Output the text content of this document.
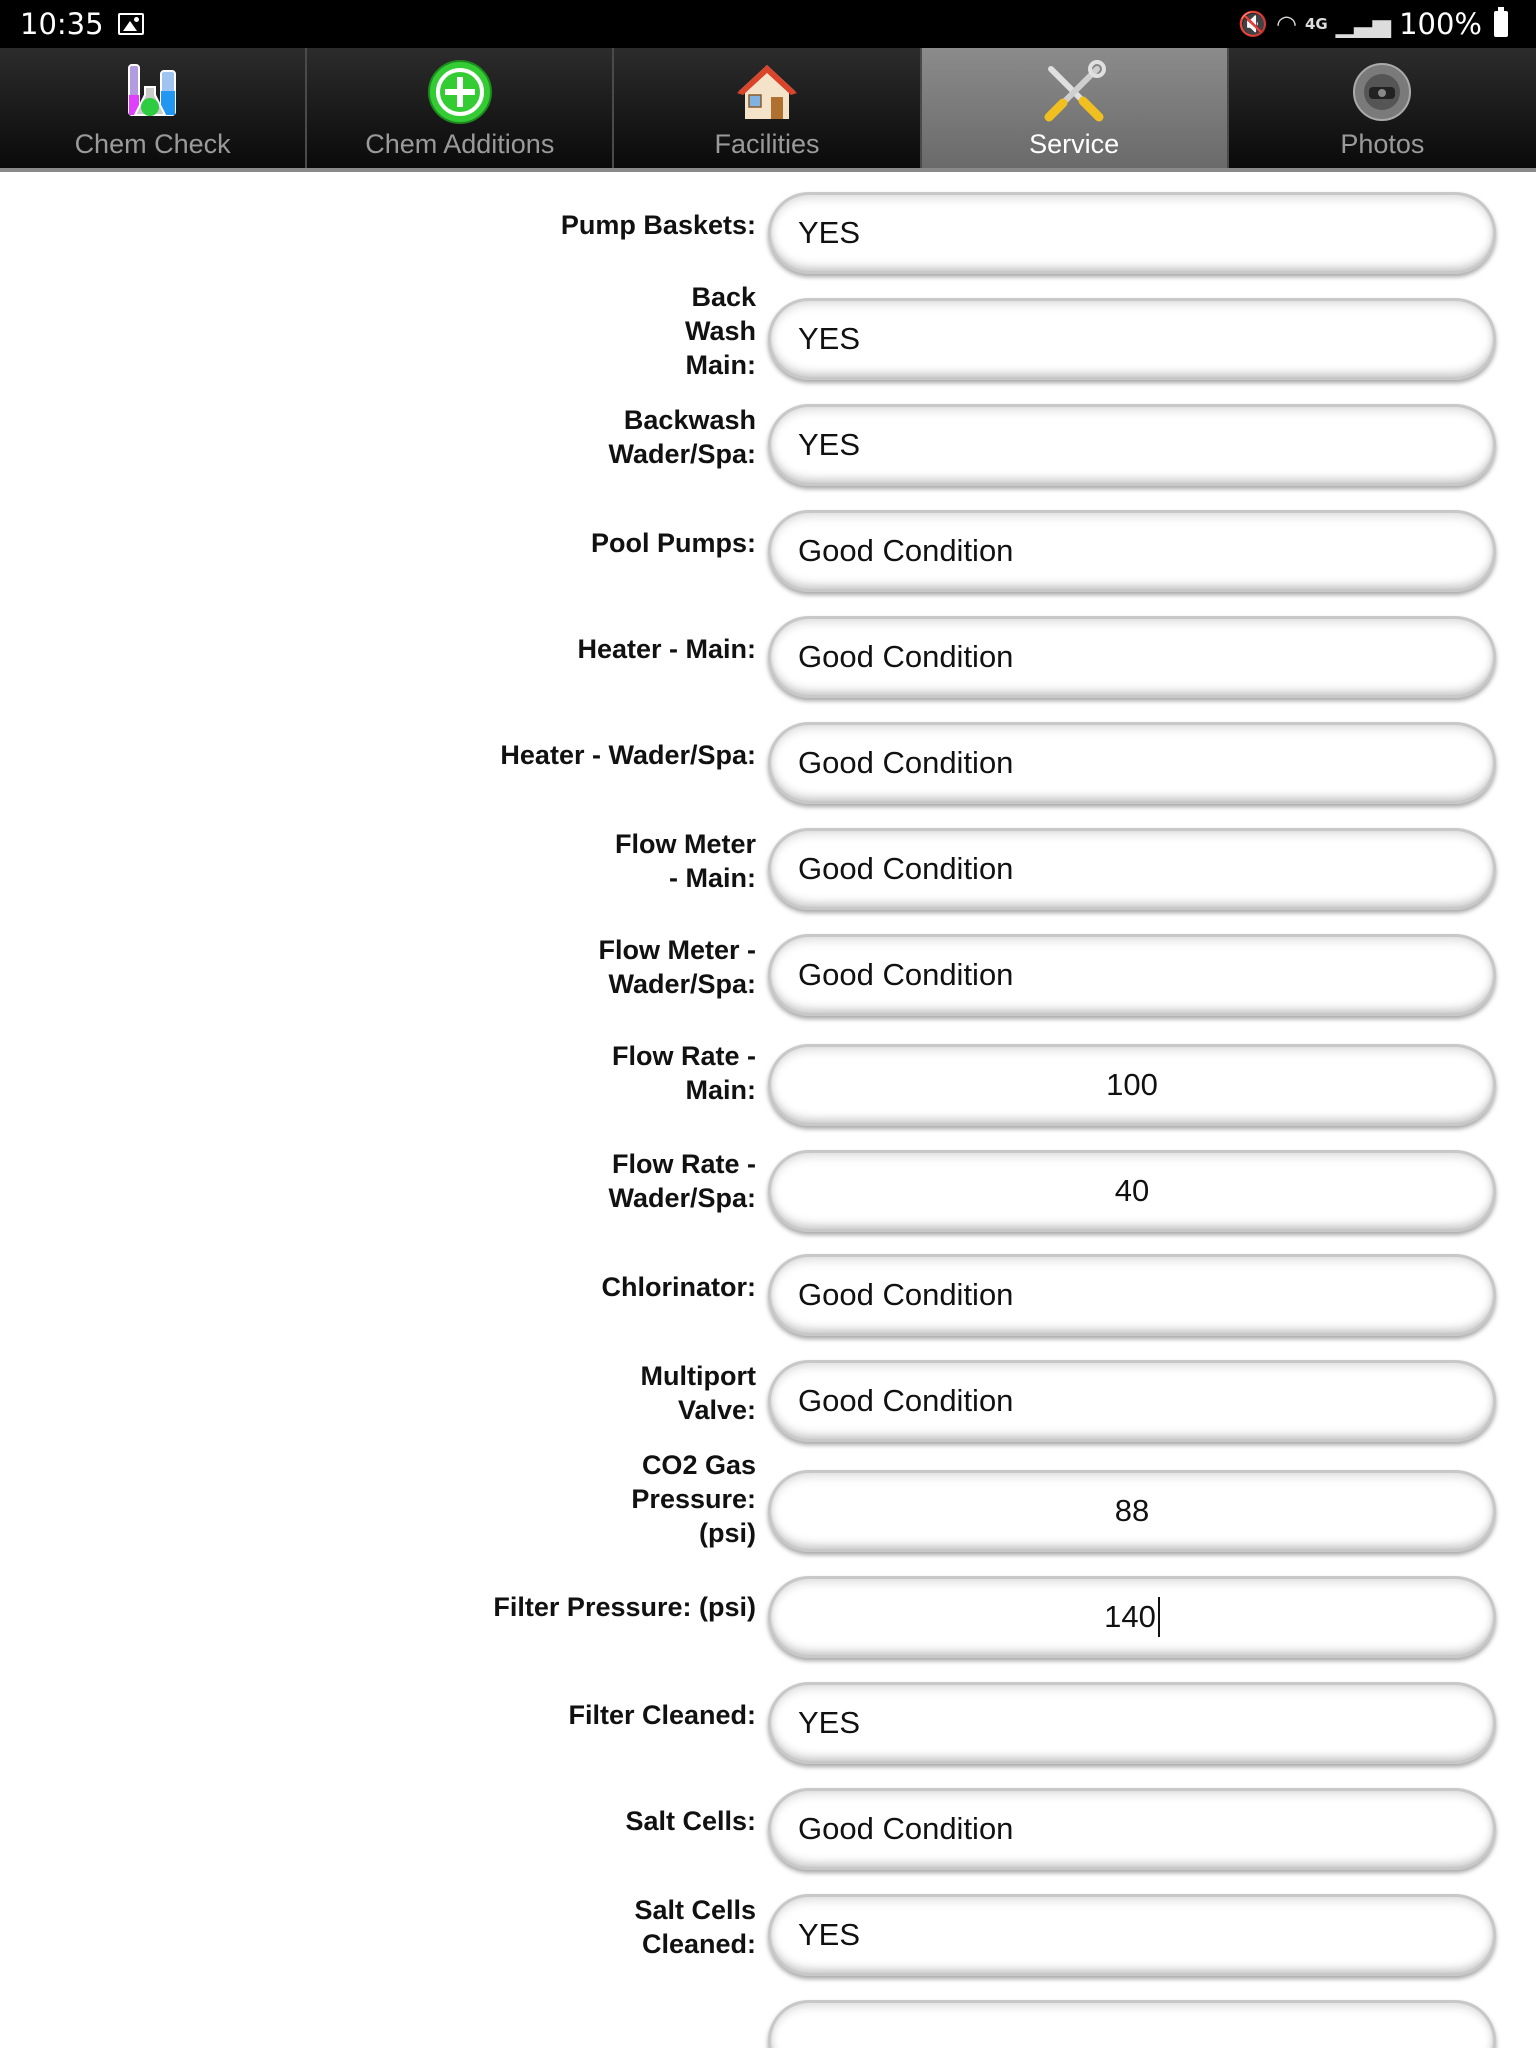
10:35	🔇 ◠ 4G ▁▃▅ 100%
Chem Check	Chem Additions	Facilities	Service	Photos
Pump Baskets:	YES
Back Wash Main:
YES
Backwash Wader/Spa:	YES
Pool Pumps:	Good Condition
Heater - Main:	Good Condition
Heater - Wader/Spa:	Good Condition
Flow Meter - Main:	Good Condition
Flow Meter - Wader/Spa:	Good Condition
Flow Rate - Main:	100
Flow Rate - Wader/Spa:	40
Chlorinator:	Good Condition
Multiport Valve:	Good Condition
CO2 Gas Pressure: (psi)
88
Filter Pressure: (psi)	140
Filter Cleaned:	YES
Salt Cells:	Good Condition
Salt Cells Cleaned:	YES
